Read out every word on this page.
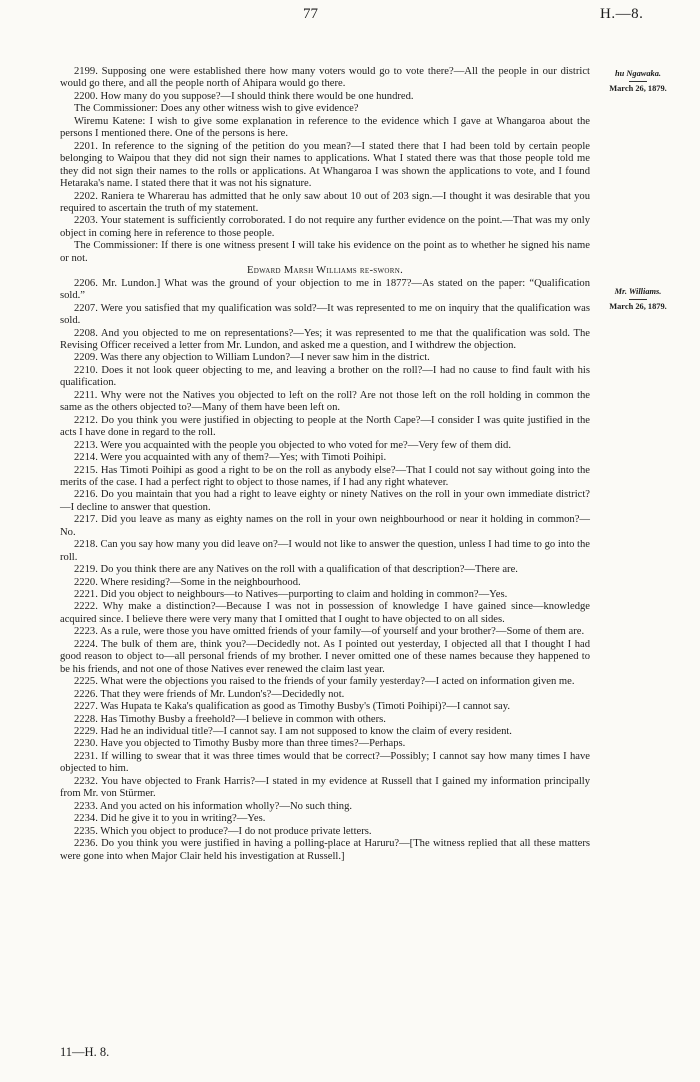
77	H.—8.
hu Ngawaka.
March 26, 1879.
Mr. Williams.
March 26, 1879.

2199. Supposing one were established there how many voters would go to vote there?—All the people in our district would go there, and all the people north of Ahipara would go there.

2200. How many do you suppose?—I should think there would be one hundred.

The Commissioner: Does any other witness wish to give evidence?

Wiremu Katene: I wish to give some explanation in reference to the evidence which I gave at Whangaroa about the persons I mentioned there. One of the persons is here.

2201. In reference to the signing of the petition do you mean?—I stated there that I had been told by certain people belonging to Waipou that they did not sign their names to applications. What I stated there was that those people told me they did not sign their names to the rolls or applications. At Whangaroa I was shown the applications to vote, and I found Hetaraka's name. I stated there that it was not his signature.

2202. Raniera te Wharerau has admitted that he only saw about 10 out of 203 sign.—I thought it was desirable that you required to ascertain the truth of my statement.

2203. Your statement is sufficiently corroborated. I do not require any further evidence on the point.—That was my only object in coming here in reference to those people.

The Commissioner: If there is one witness present I will take his evidence on the point as to whether he signed his name or not.

Edward Marsh Williams re-sworn.

2206. Mr. Lundon.] What was the ground of your objection to me in 1877?—As stated on the paper: “Qualification sold.”

2207. Were you satisfied that my qualification was sold?—It was represented to me on inquiry that the qualification was sold.

2208. And you objected to me on representations?—Yes; it was represented to me that the qualification was sold. The Revising Officer received a letter from Mr. Lundon, and asked me a question, and I withdrew the objection.

2209. Was there any objection to William Lundon?—I never saw him in the district.

2210. Does it not look queer objecting to me, and leaving a brother on the roll?—I had no cause to find fault with his qualification.

2211. Why were not the Natives you objected to left on the roll? Are not those left on the roll holding in common the same as the others objected to?—Many of them have been left on.

2212. Do you think you were justified in objecting to people at the North Cape?—I consider I was quite justified in the acts I have done in regard to the roll.

2213. Were you acquainted with the people you objected to who voted for me?—Very few of them did.

2214. Were you acquainted with any of them?—Yes; with Timoti Poihipi.

2215. Has Timoti Poihipi as good a right to be on the roll as anybody else?—That I could not say without going into the merits of the case. I had a perfect right to object to those names, if I had any right whatever.

2216. Do you maintain that you had a right to leave eighty or ninety Natives on the roll in your own immediate district?—I decline to answer that question.

2217. Did you leave as many as eighty names on the roll in your own neighbourhood or near it holding in common?—No.

2218. Can you say how many you did leave on?—I would not like to answer the question, unless I had time to go into the roll.

2219. Do you think there are any Natives on the roll with a qualification of that description?—There are.

2220. Where residing?—Some in the neighbourhood.

2221. Did you object to neighbours—to Natives—purporting to claim and holding in common?—Yes.

2222. Why make a distinction?—Because I was not in possession of knowledge I have gained since—knowledge acquired since. I believe there were very many that I omitted that I ought to have objected to on all sides.

2223. As a rule, were those you have omitted friends of your family—of yourself and your brother?—Some of them are.

2224. The bulk of them are, think you?—Decidedly not. As I pointed out yesterday, I objected all that I thought I had good reason to object to—all personal friends of my brother. I never omitted one of these names because they happened to be his friends, and not one of those Natives ever renewed the claim last year.

2225. What were the objections you raised to the friends of your family yesterday?—I acted on information given me.

2226. That they were friends of Mr. Lundon's?—Decidedly not.

2227. Was Hupata te Kaka's qualification as good as Timothy Busby's (Timoti Poihipi)?—I cannot say.

2228. Has Timothy Busby a freehold?—I believe in common with others.

2229. Had he an individual title?—I cannot say. I am not supposed to know the claim of every resident.

2230. Have you objected to Timothy Busby more than three times?—Perhaps.

2231. If willing to swear that it was three times would that be correct?—Possibly; I cannot say how many times I have objected to him.

2232. You have objected to Frank Harris?—I stated in my evidence at Russell that I gained my information principally from Mr. von Stürmer.

2233. And you acted on his information wholly?—No such thing.

2234. Did he give it to you in writing?—Yes.

2235. Which you object to produce?—I do not produce private letters.

2236. Do you think you were justified in having a polling-place at Haruru?—[The witness replied that all these matters were gone into when Major Clair held his investigation at Russell.]

11—H. 8.
